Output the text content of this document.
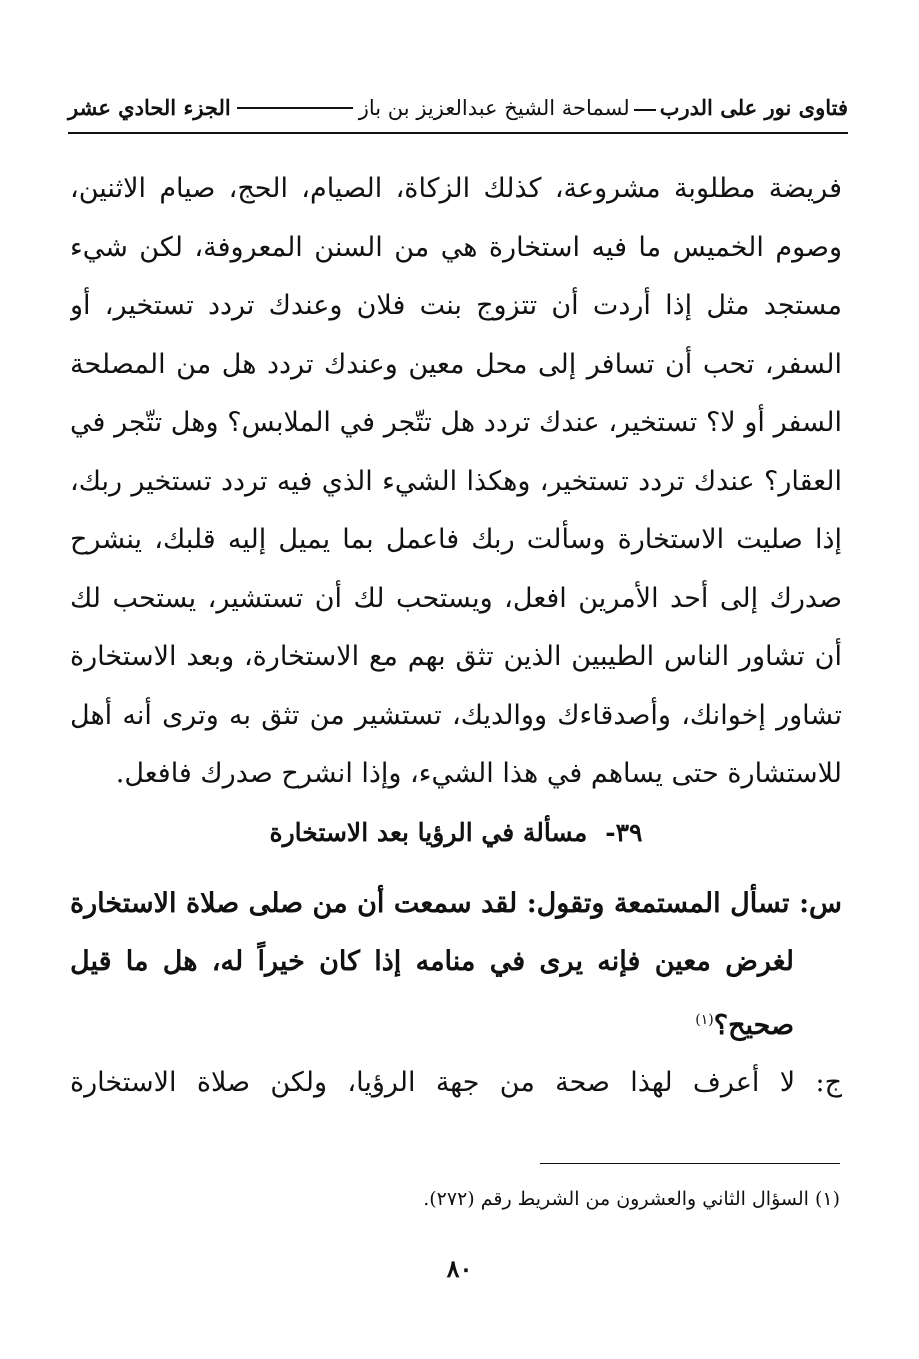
فتاوى نور على الدربلسماحة الشيخ عبدالعزيز بن باز
الجزء الحادي عشر
فريضة مطلوبة مشروعة، كذلك الزكاة، الصيام، الحج، صيام الاثنين،
وصوم الخميس ما فيه استخارة هي من السنن المعروفة، لكن شيء
مستجد مثل إذا أردت أن تتزوج بنت فلان وعندك تردد تستخير، أو
السفر، تحب أن تسافر إلى محل معين وعندك تردد هل من المصلحة
السفر أو لا؟ تستخير، عندك تردد هل تتّجر في الملابس؟ وهل تتّجر في
العقار؟ عندك تردد تستخير، وهكذا الشيء الذي فيه تردد تستخير ربك،
إذا صليت الاستخارة وسألت ربك فاعمل بما يميل إليه قلبك، ينشرح
صدرك إلى أحد الأمرين افعل، ويستحب لك أن تستشير، يستحب لك
أن تشاور الناس الطيبين الذين تثق بهم مع الاستخارة، وبعد الاستخارة
تشاور إخوانك، وأصدقاءك ووالديك، تستشير من تثق به وترى أنه أهل
للاستشارة حتى يساهم في هذا الشيء، وإذا انشرح صدرك فافعل.
٣٩-مسألة في الرؤيا بعد الاستخارة
س: تسأل المستمعة وتقول: لقد سمعت أن من صلى صلاة الاستخارة
لغرض معين فإنه يرى في منامه إذا كان خيراً له، هل ما قيل
صحيح؟$^{(١)}$
ج: لا أعرف لهذا صحة من جهة الرؤيا، ولكن صلاة الاستخارة
(١) السؤال الثاني والعشرون من الشريط رقم (٢٧٢).
٨٠
